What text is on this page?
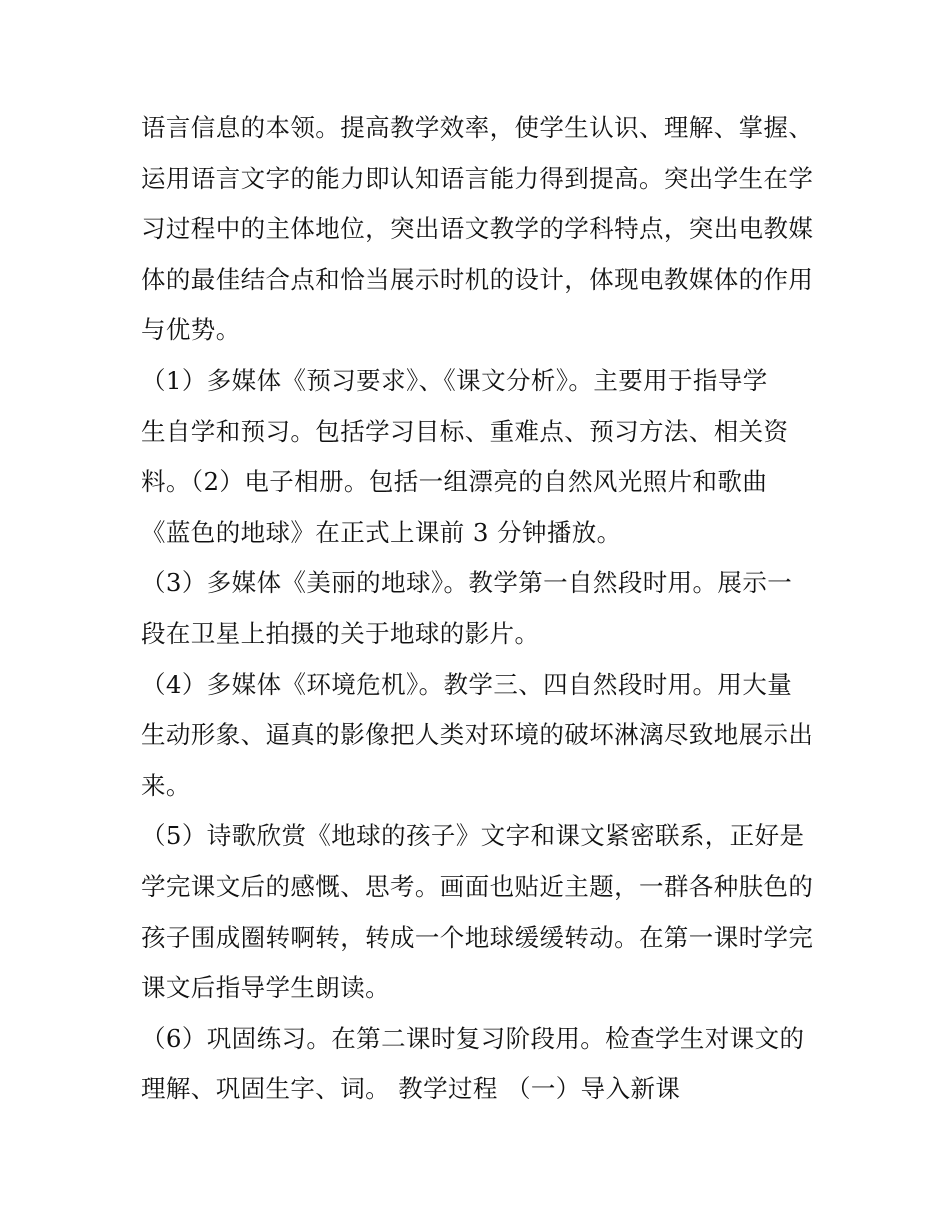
语言信息的本领。提高教学效率，使学生认识、理解、掌握、

运用语言文字的能力即认知语言能力得到提高。突出学生在学

习过程中的主体地位，突出语文教学的学科特点，突出电教媒

体的最佳结合点和恰当展示时机的设计，体现电教媒体的作用

与优势。

（1）多媒体《预习要求》、《课文分析》。主要用于指导学

生自学和预习。包括学习目标、重难点、预习方法、相关资

料。（2）电子相册。包括一组漂亮的自然风光照片和歌曲

《蓝色的地球》在正式上课前 3 分钟播放。

（3）多媒体《美丽的地球》。教学第一自然段时用。展示一

段在卫星上拍摄的关于地球的影片。

（4）多媒体《环境危机》。教学三、四自然段时用。用大量

生动形象、逼真的影像把人类对环境的破坏淋漓尽致地展示出

来。

（5）诗歌欣赏《地球的孩子》文字和课文紧密联系，正好是

学完课文后的感慨、思考。画面也贴近主题，一群各种肤色的

孩子围成圈转啊转，转成一个地球缓缓转动。在第一课时学完

课文后指导学生朗读。

（6）巩固练习。在第二课时复习阶段用。检查学生对课文的

理解、巩固生字、词。 教学过程 （一）导入新课
